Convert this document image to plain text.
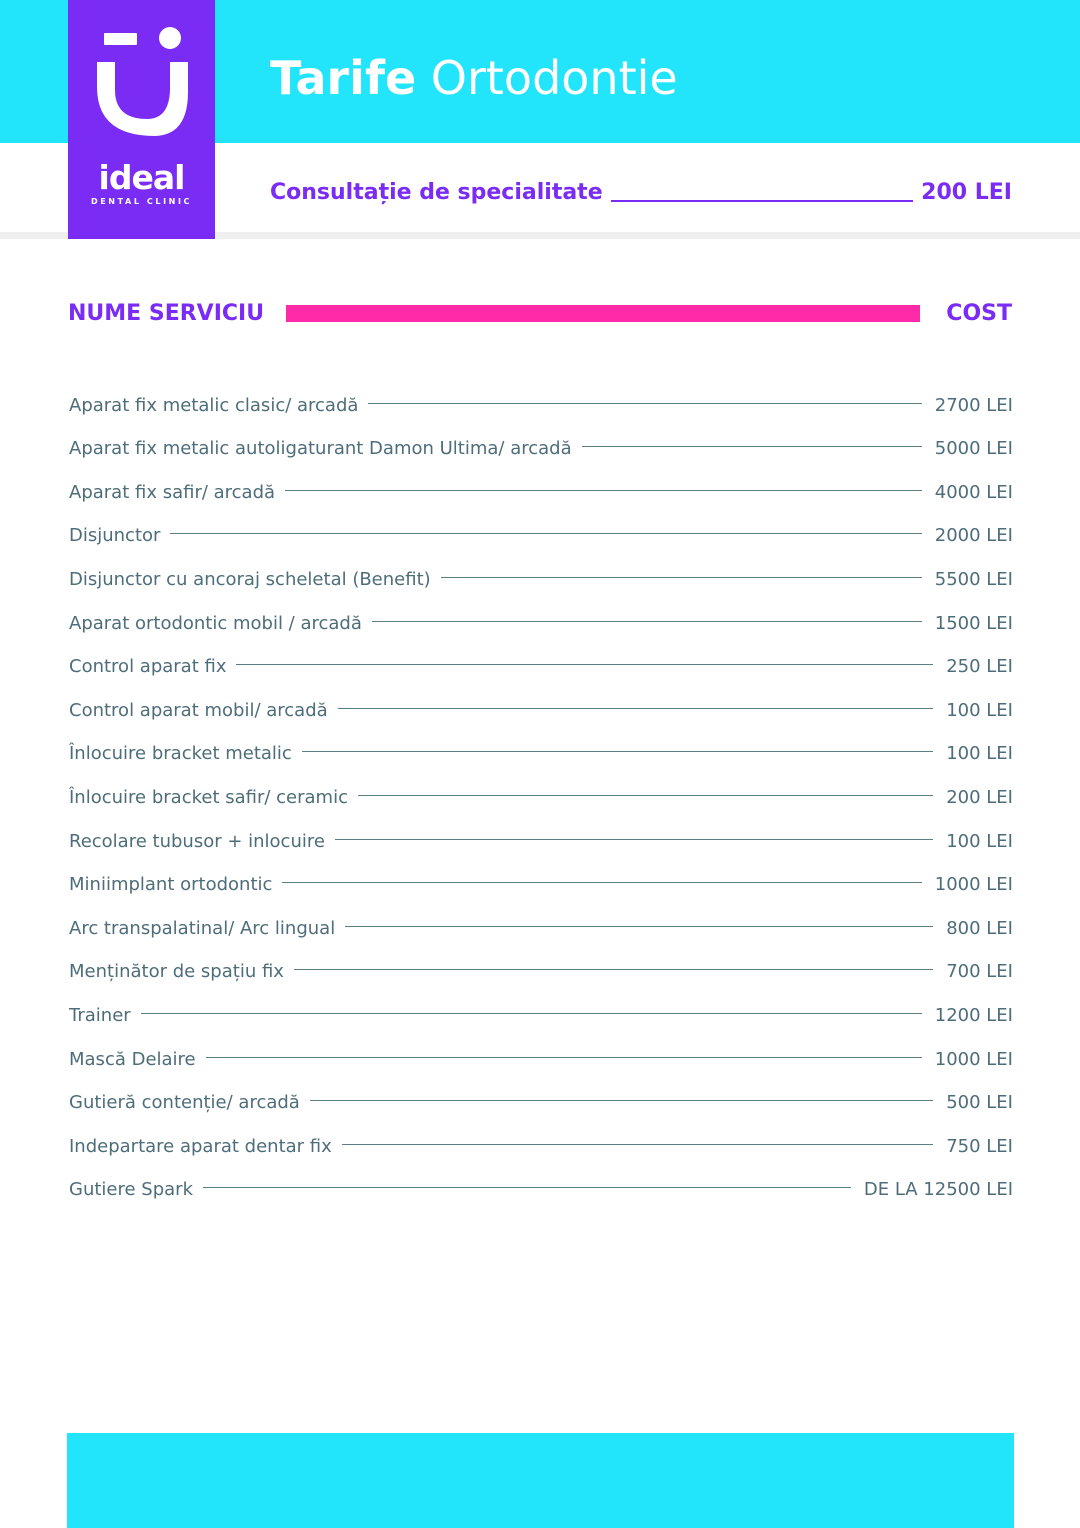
ideal
DENTAL CLINIC
Tarife Ortodontie
Consultație de specialitate	200 LEI
NUME SERVICIU	COST
Aparat fix metalic clasic/ arcadă	2700 LEI
Aparat fix metalic autoligaturant Damon Ultima/ arcadă	5000 LEI
Aparat fix safir/ arcadă	4000 LEI
Disjunctor	2000 LEI
Disjunctor cu ancoraj scheletal (Benefit)	5500 LEI
Aparat ortodontic mobil / arcadă	1500 LEI
Control aparat fix	250 LEI
Control aparat mobil/ arcadă	100 LEI
Înlocuire bracket metalic	100 LEI
Înlocuire bracket safir/ ceramic	200 LEI
Recolare tubusor + inlocuire	100 LEI
Miniimplant ortodontic	1000 LEI
Arc transpalatinal/ Arc lingual	800 LEI
Menținător de spațiu fix	700 LEI
Trainer	1200 LEI
Mască Delaire	1000 LEI
Gutieră contenție/ arcadă	500 LEI
Indepartare aparat dentar fix	750 LEI
Gutiere Spark	DE LA 12500 LEI
